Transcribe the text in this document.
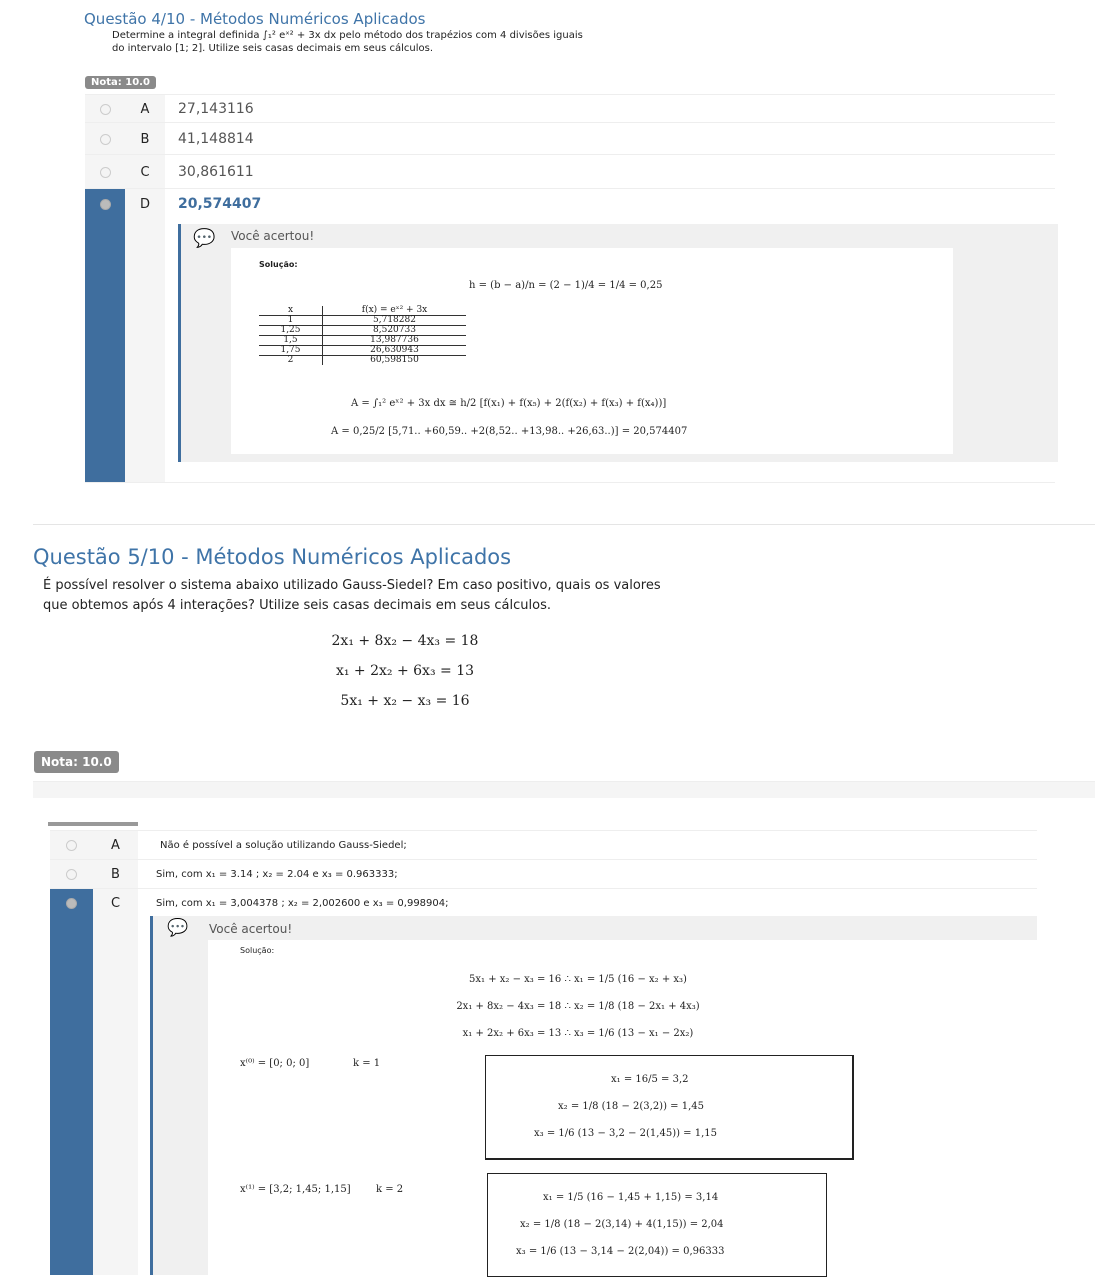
Questão 4/10 - Métodos Numéricos Aplicados
Determine a integral definida ∫₁² eˣ² + 3x dx pelo método dos trapézios com 4 divisões iguais
do intervalo [1; 2]. Utilize seis casas decimais em seus cálculos.
Nota: 10.0
A	27,143116
B	41,148814
C	30,861611
D	20,574407
💬 Você acertou!
Solução:
h = (b − a)/n = (2 − 1)/4 = 1/4 = 0,25
x	f(x) = eˣ² + 3x
1	5,718282
1,25	8,520733
1,5	13,987736
1,75	26,630943
2	60,598150
A = ∫₁² eˣ² + 3x dx ≅ h/2 [f(x₁) + f(x₅) + 2(f(x₂) + f(x₃) + f(x₄))]
A = 0,25/2 [5,71.. +60,59.. +2(8,52.. +13,98.. +26,63..)] = 20,574407
Questão 5/10 - Métodos Numéricos Aplicados
É possível resolver o sistema abaixo utilizado Gauss-Siedel? Em caso positivo, quais os valores
que obtemos após 4 interações? Utilize seis casas decimais em seus cálculos.
2x₁ + 8x₂ − 4x₃ = 18
x₁ + 2x₂ + 6x₃ = 13
5x₁ + x₂ − x₃ = 16
Nota: 10.0
A	Não é possível a solução utilizando Gauss-Siedel;
B	Sim, com x₁ = 3.14 ; x₂ = 2.04 e x₃ = 0.963333;
C	Sim, com x₁ = 3,004378 ; x₂ = 2,002600 e x₃ = 0,998904;
💬 Você acertou!
Solução:
5x₁ + x₂ − x₃ = 16 ∴ x₁ = 1/5 (16 − x₂ + x₃)
2x₁ + 8x₂ − 4x₃ = 18 ∴ x₂ = 1/8 (18 − 2x₁ + 4x₃)
x₁ + 2x₂ + 6x₃ = 13 ∴ x₃ = 1/6 (13 − x₁ − 2x₂)
x⁽⁰⁾ = [0; 0; 0]	k = 1
x₁ = 16/5 = 3,2
x₂ = 1/8 (18 − 2(3,2)) = 1,45
x₃ = 1/6 (13 − 3,2 − 2(1,45)) = 1,15
x⁽¹⁾ = [3,2; 1,45; 1,15]	k = 2
x₁ = 1/5 (16 − 1,45 + 1,15) = 3,14
x₂ = 1/8 (18 − 2(3,14) + 4(1,15)) = 2,04
x₃ = 1/6 (13 − 3,14 − 2(2,04)) = 0,96333
